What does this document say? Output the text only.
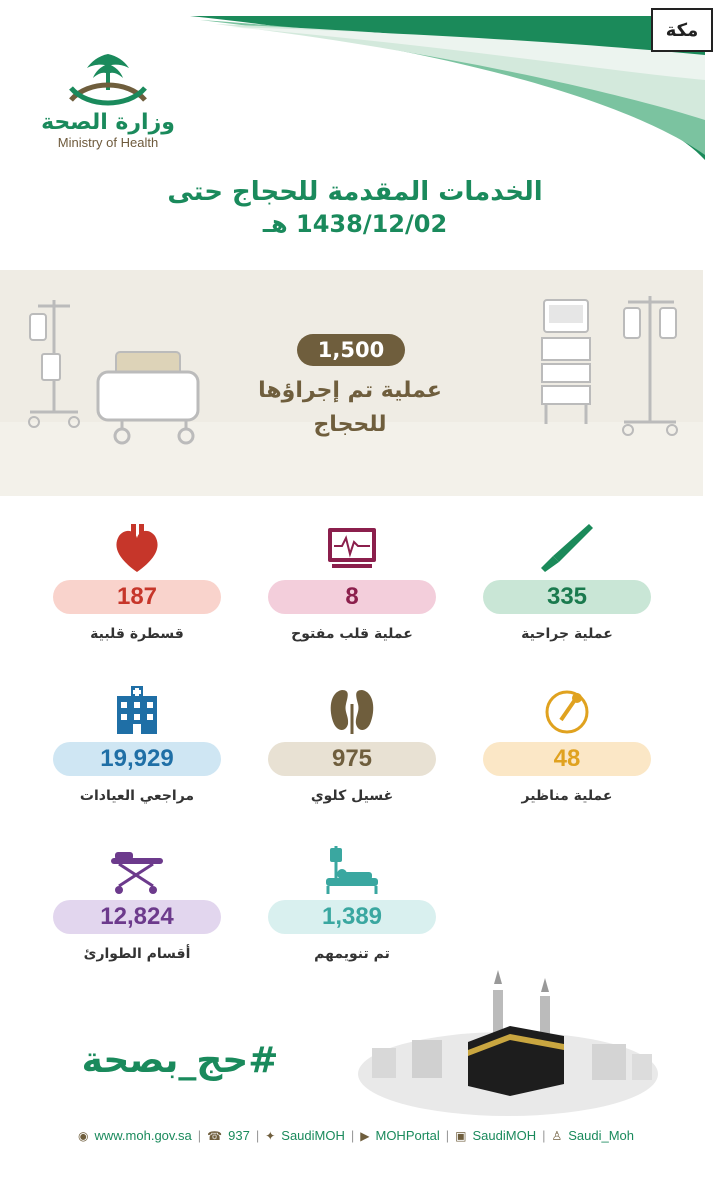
مكة
وزارة الصحة
Ministry of Health
الخدمات المقدمة للحجاج حتى
1438/12/02 هـ
1,500
عملية تم إجراؤها
للحجاج
335
عملية جراحية
8
عملية قلب مفتوح
187
قسطرة قلبية
48
عملية مناظير
975
غسيل كلوي
19,929
مراجعي العيادات
1,389
تم تنويمهم
12,824
أقسام الطوارئ
#حج_بصحة
◉ www.moh.gov.sa | ☎ 937 | ✦ SaudiMOH | ▶ MOHPortal | ▣ SaudiMOH | ♙ Saudi_Moh
